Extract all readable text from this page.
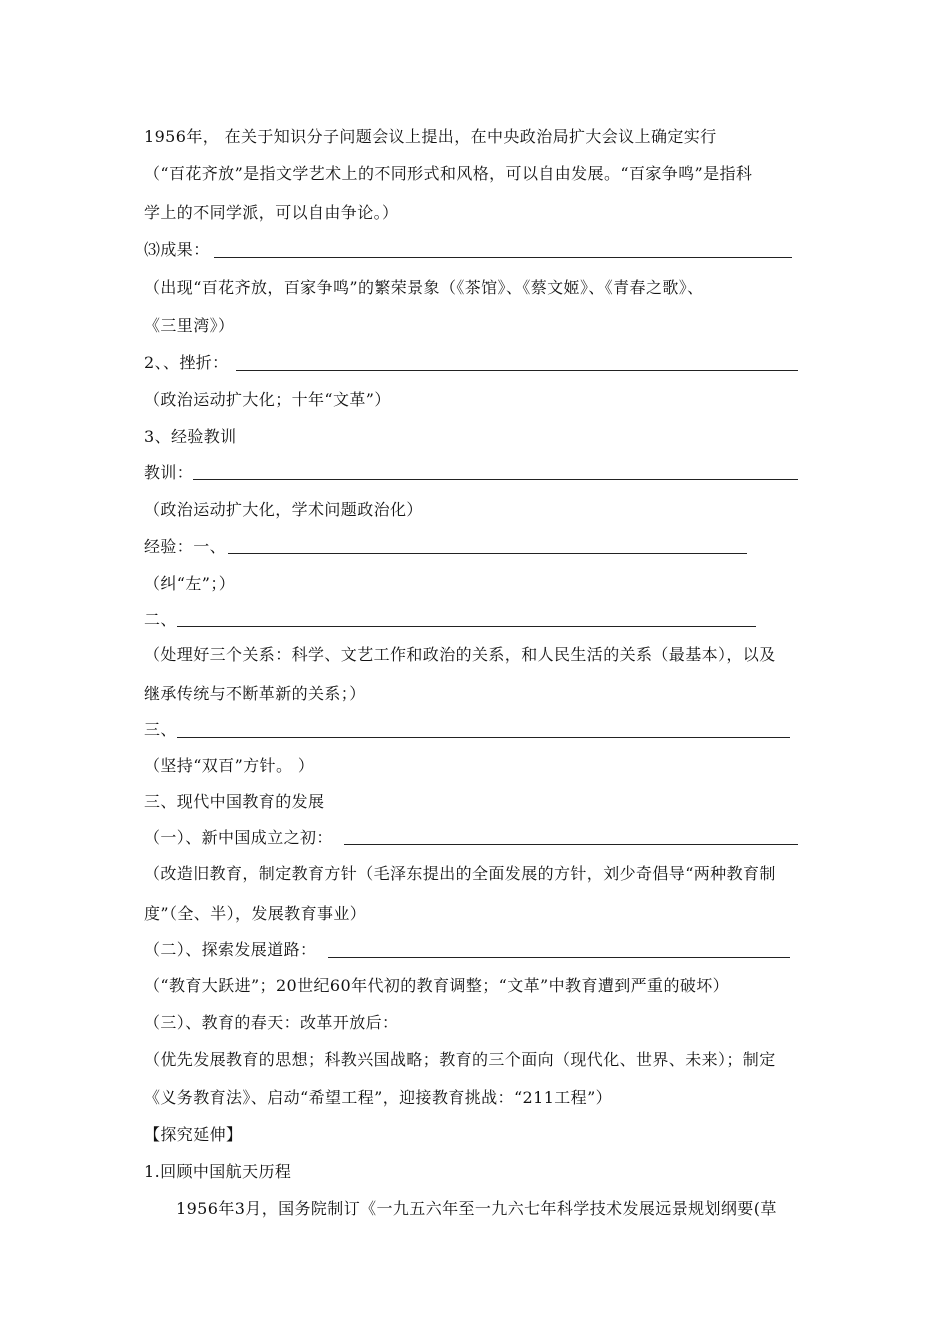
1956年， 在关于知识分子问题会议上提出，在中央政治局扩大会议上确定实行
（“百花齐放”是指文学艺术上的不同形式和风格，可以自由发展。“百家争鸣”是指科
学上的不同学派，可以自由争论。）
⑶成果：
（出现“百花齐放，百家争鸣”的繁荣景象（《茶馆》、《蔡文姬》、《青春之歌》、
《三里湾》）
2、、挫折：
（政治运动扩大化；十年“文革”）
3、经验教训
教训：
（政治运动扩大化，学术问题政治化）
经验：一、
（纠“左”；）
二、
（处理好三个关系：科学、文艺工作和政治的关系，和人民生活的关系（最基本），以及
继承传统与不断革新的关系；）
三、
（坚持“双百”方针。 ）
三、现代中国教育的发展
（一）、新中国成立之初：
（改造旧教育，制定教育方针（毛泽东提出的全面发展的方针，刘少奇倡导“两种教育制
度”（全、半），发展教育事业）
（二）、探索发展道路：
（“教育大跃进”；20世纪60年代初的教育调整；“文革”中教育遭到严重的破坏）
（三）、教育的春天：改革开放后：
（优先发展教育的思想；科教兴国战略；教育的三个面向（现代化、世界、未来）；制定
《义务教育法》、启动“希望工程”，迎接教育挑战：“211工程”）
【探究延伸】
1.回顾中国航天历程
1956年3月，国务院制订《一九五六年至一九六七年科学技术发展远景规划纲要(草
